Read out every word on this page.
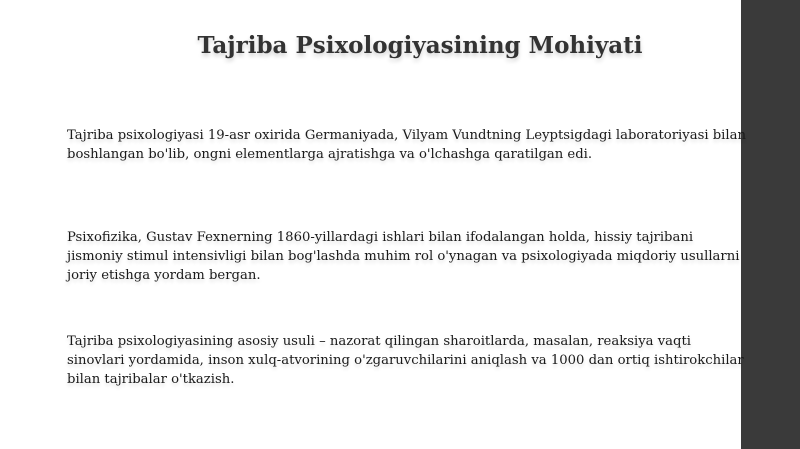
Tajriba Psixologiyasining Mohiyati

Tajriba psixologiyasi 19-asr oxirida Germaniyada, Vilyam Vundtning Leyptsigdagi laboratoriyasi bilan boshlangan bo'lib, ongni elementlarga ajratishga va o'lchashga qaratilgan edi.

Psixofizika, Gustav Fexnerning 1860-yillardagi ishlari bilan ifodalangan holda, hissiy tajribani jismoniy stimul intensivligi bilan bog'lashda muhim rol o'ynagan va psixologiyada miqdoriy usullarni joriy etishga yordam bergan.

Tajriba psixologiyasining asosiy usuli – nazorat qilingan sharoitlarda, masalan, reaksiya vaqti sinovlari yordamida, inson xulq-atvorining o'zgaruvchilarini aniqlash va 1000 dan ortiq ishtirokchilar bilan tajribalar o'tkazish.
